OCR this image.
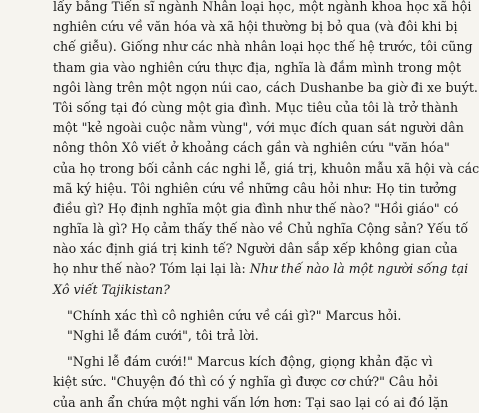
lấy bằng Tiến sĩ ngành Nhân loại học, một ngành khoa học xã hội
nghiên cứu về văn hóa và xã hội thường bị bỏ qua (và đôi khi bị
chế giễu). Giống như các nhà nhân loại học thế hệ trước, tôi cũng
tham gia vào nghiên cứu thực địa, nghĩa là đắm mình trong một
ngôi làng trên một ngọn núi cao, cách Dushanbe ba giờ đi xe buýt.
Tôi sống tại đó cùng một gia đình. Mục tiêu của tôi là trở thành
một "kẻ ngoài cuộc nằm vùng", với mục đích quan sát người dân
nông thôn Xô viết ở khoảng cách gần và nghiên cứu "văn hóa"
của họ trong bối cảnh các nghi lễ, giá trị, khuôn mẫu xã hội và các
mã ký hiệu. Tôi nghiên cứu về những câu hỏi như: Họ tin tưởng
điều gì? Họ định nghĩa một gia đình như thế nào? "Hồi giáo" có
nghĩa là gì? Họ cảm thấy thế nào về Chủ nghĩa Cộng sản? Yếu tố
nào xác định giá trị kinh tế? Người dân sắp xếp không gian của
họ như thế nào? Tóm lại lại là: Như thế nào là một người sống tại
Xô viết Tajikistan?
"Chính xác thì cô nghiên cứu về cái gì?" Marcus hỏi.
"Nghi lễ đám cưới", tôi trả lời.
"Nghi lễ đám cưới!" Marcus kích động, giọng khản đặc vì
kiệt sức. "Chuyện đó thì có ý nghĩa gì được cơ chứ?" Câu hỏi
của anh ẩn chứa một nghi vấn lớn hơn: Tại sao lại có ai đó lặn
